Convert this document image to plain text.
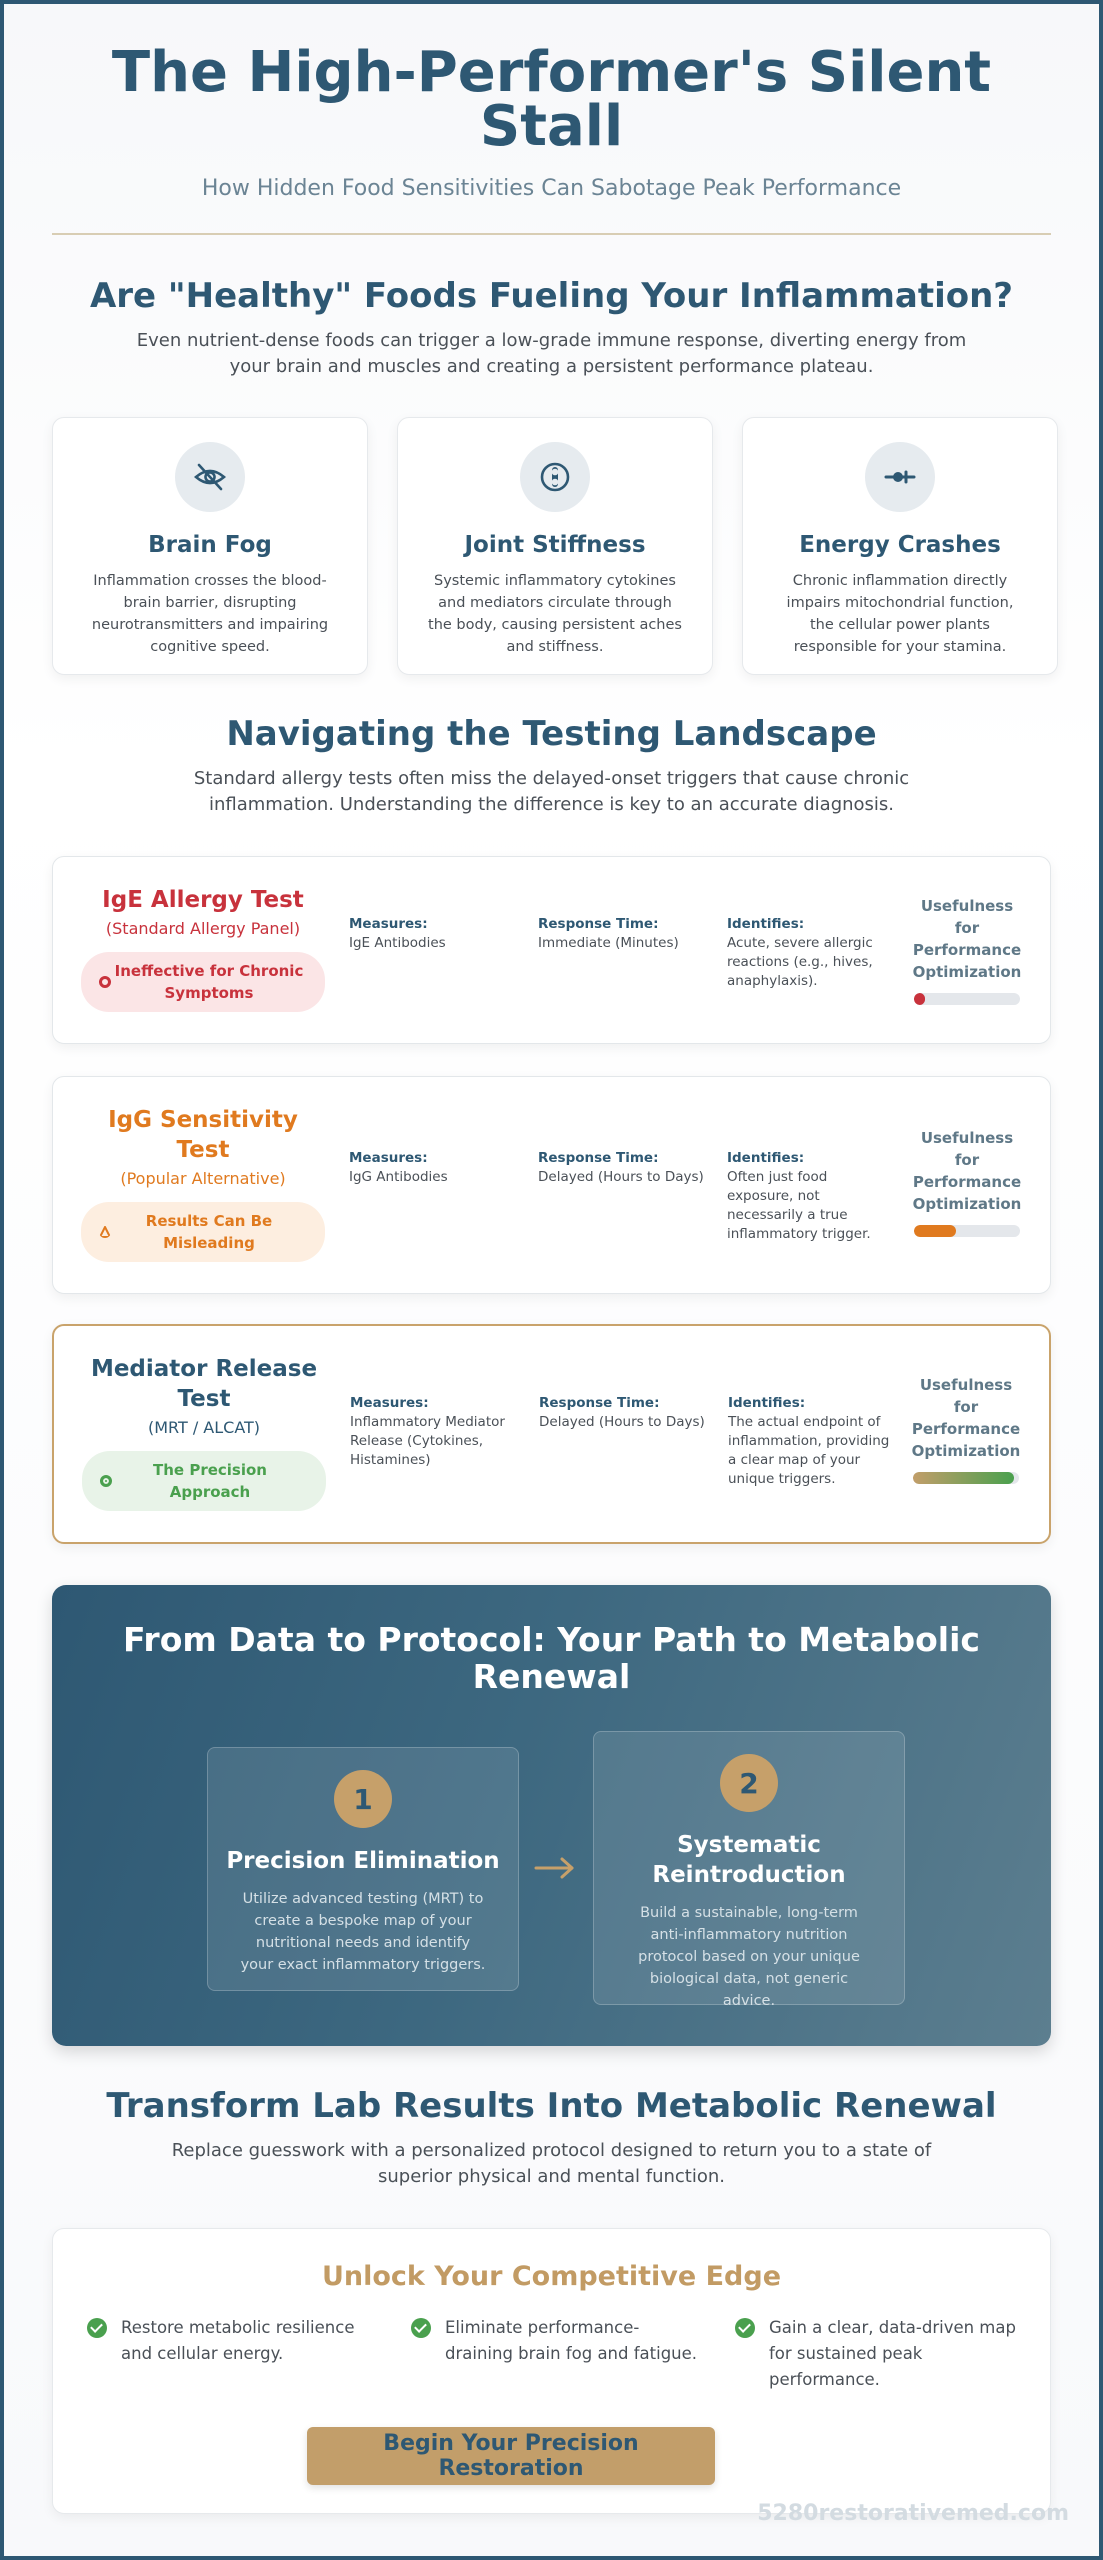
The High-Performer's Silent Stall

How Hidden Food Sensitivities Can Sabotage Peak Performance

Are "Healthy" Foods Fueling Your Inflammation?

Even nutrient-dense foods can trigger a low-grade immune response, diverting energy from your brain and muscles and creating a persistent performance plateau.

Brain Fog
Inflammation crosses the blood-brain barrier, disrupting neurotransmitters and impairing cognitive speed.
Joint Stiffness
Systemic inflammatory cytokines and mediators circulate through the body, causing persistent aches and stiffness.
Energy Crashes
Chronic inflammation directly impairs mitochondrial function, the cellular power plants responsible for your stamina.
Navigating the Testing Landscape

Standard allergy tests often miss the delayed-onset triggers that cause chronic inflammation. Understanding the difference is key to an accurate diagnosis.

IgE Allergy Test
(Standard Allergy Panel)
Ineffective for Chronic Symptoms
Measures:
IgE Antibodies
Response Time:
Immediate (Minutes)
Identifies:
Acute, severe allergic reactions (e.g., hives, anaphylaxis).
Usefulness for Performance Optimization
IgG Sensitivity Test
(Popular Alternative)
Results Can Be Misleading
Measures:
IgG Antibodies
Response Time:
Delayed (Hours to Days)
Identifies:
Often just food exposure, not necessarily a true inflammatory trigger.
Usefulness for Performance Optimization
Mediator Release Test
(MRT / ALCAT)
The Precision Approach
Measures:
Inflammatory Mediator Release (Cytokines, Histamines)
Response Time:
Delayed (Hours to Days)
Identifies:
The actual endpoint of inflammation, providing a clear map of your unique triggers.
Usefulness for Performance Optimization
From Data to Protocol: Your Path to Metabolic Renewal
1
Precision Elimination
Utilize advanced testing (MRT) to create a bespoke map of your nutritional needs and identify your exact inflammatory triggers.
2
Systematic Reintroduction
Build a sustainable, long-term anti-inflammatory nutrition protocol based on your unique biological data, not generic advice.
Transform Lab Results Into Metabolic Renewal

Replace guesswork with a personalized protocol designed to return you to a state of superior physical and mental function.

Unlock Your Competitive Edge
Restore metabolic resilience and cellular energy.
Eliminate performance-draining brain fog and fatigue.
Gain a clear, data-driven map for sustained peak performance.
Begin Your Precision Restoration
5280restorativemed.com
